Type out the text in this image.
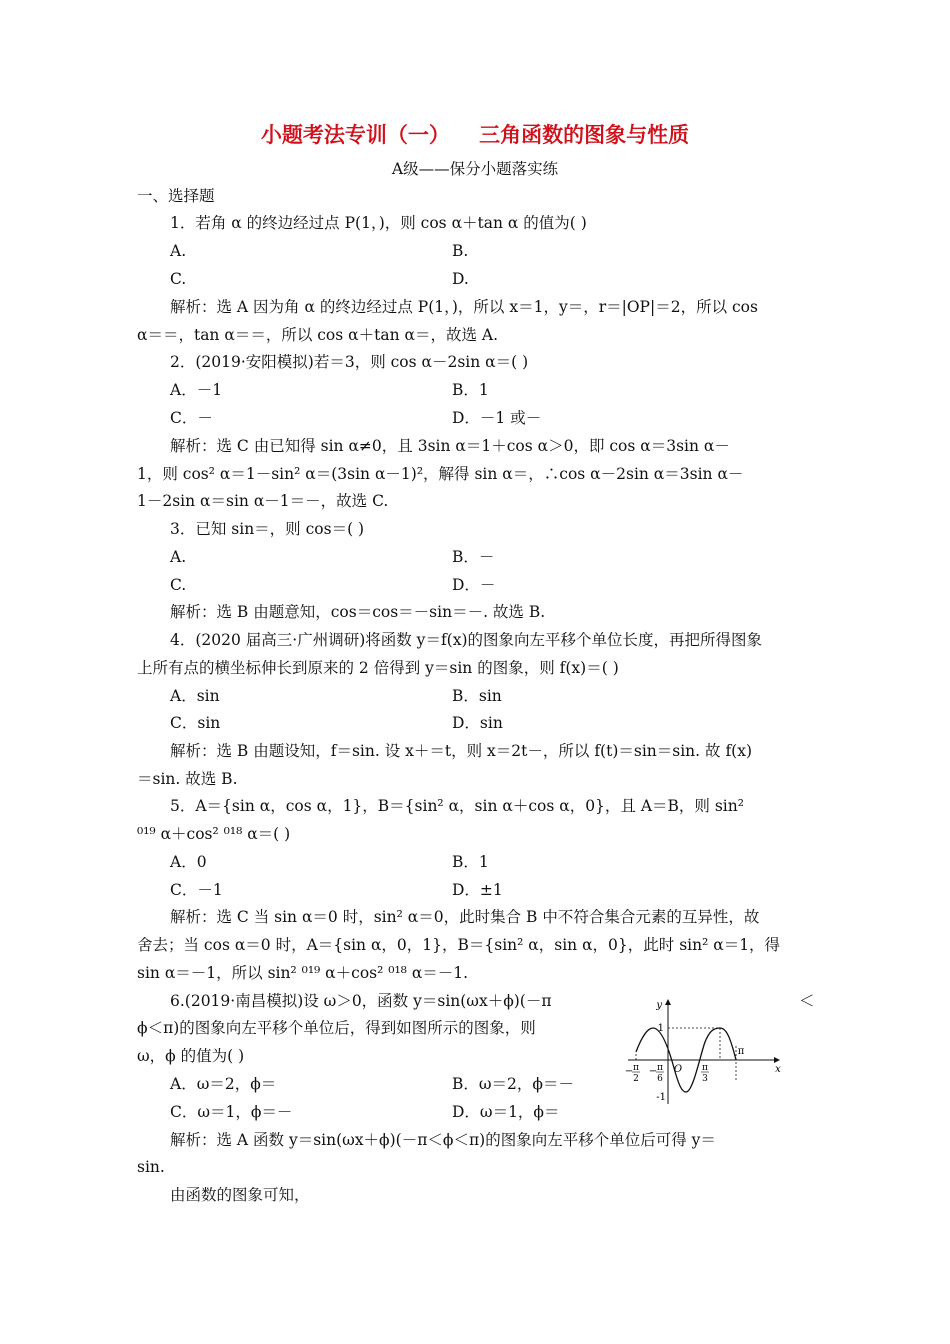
小题考法专训（一）    三角函数的图象与性质
A级——保分小题落实练
一、选择题
1．若角 α 的终边经过点 P(1，)，则 cos α＋tan α 的值为( )
A.	B.
C.	D.
解析：选 A 因为角 α 的终边经过点 P(1，)，所以 x＝1，y＝，r＝|OP|＝2，所以 cos
α＝＝，tan α＝＝，所以 cos α＋tan α＝，故选 A.
2．(2019·安阳模拟)若＝3，则 cos α－2sin α＝( )
A．－1	B．1
C．－	D．－1 或－
解析：选 C 由已知得 sin α≠0，且 3sin α＝1＋cos α＞0，即 cos α＝3sin α－
1，则 cos² α＝1－sin² α＝(3sin α－1)²，解得 sin α＝，∴cos α－2sin α＝3sin α－
1－2sin α＝sin α－1＝－，故选 C.
3．已知 sin＝，则 cos＝( )
A.	B．－
C.	D．－
解析：选 B 由题意知，cos＝cos＝－sin＝－. 故选 B.
4．(2020 届高三·广州调研)将函数 y＝f(x)的图象向左平移个单位长度，再把所得图象
上所有点的横坐标伸长到原来的 2 倍得到 y＝sin 的图象，则 f(x)＝( )
A．sin	B．sin
C．sin	D．sin
解析：选 B 由题设知，f＝sin. 设 x＋＝t，则 x＝2t－，所以 f(t)＝sin＝sin. 故 f(x)
＝sin. 故选 B.
5．A＝{sin α，cos α，1}，B＝{sin² α，sin α＋cos α，0}，且 A＝B，则 sin²
⁰¹⁹ α＋cos² ⁰¹⁸ α＝( )
A．0	B．1
C．－1	D．±1
解析：选 C 当 sin α＝0 时，sin² α＝0，此时集合 B 中不符合集合元素的互异性，故
舍去；当 cos α＝0 时，A＝{sin α，0，1}，B＝{sin² α，sin α，0}，此时 sin² α＝1，得
sin α＝－1，所以 sin² ⁰¹⁹ α＋cos² ⁰¹⁸ α＝－1.
6.(2019·南昌模拟)设 ω＞0，函数 y＝sin(ωx＋ϕ)(－π	＜
ϕ＜π)的图象向左平移个单位后，得到如图所示的图象，则
ω，ϕ 的值为( )
A．ω＝2，ϕ＝	B．ω＝2，ϕ＝－
C．ω＝1，ϕ＝－	D．ω＝1，ϕ＝
解析：选 A 函数 y＝sin(ωx＋ϕ)(－π＜ϕ＜π)的图象向左平移个单位后可得 y＝
sin.
由函数的图象可知，
y
x
O
1
-1
− π
2
− π
6
π
3
π
